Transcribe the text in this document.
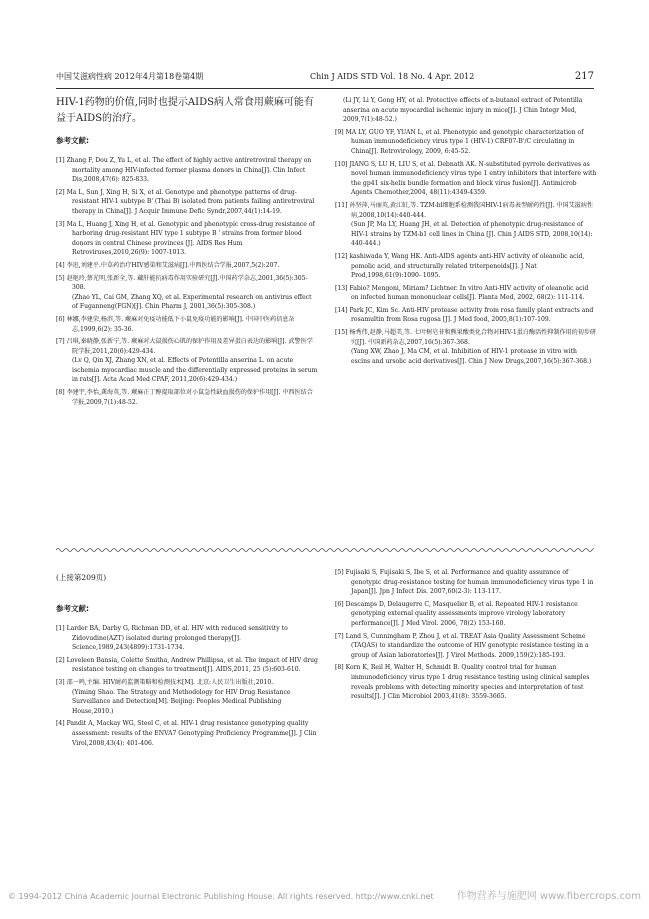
中国艾滋病性病 2012年4月第18卷第4期	Chin J AIDS STD Vol. 18 No. 4 Apr. 2012	217

HIV-1药物的价值,同时也提示AIDS病人常食用蕨麻可能有益于AIDS的治疗。

参考文献:

[1] Zhang F, Dou Z, Yu L, et al. The effect of highly active antiretroviral therapy on mortality among HIV-infected former plasma donors in China[J]. Clin Infect Dis,2008,47(6): 825-833.

[2] Ma L, Sun J, Xing H, Si X, et al. Genotype and phenotype patterns of drug-resistant HIV-1 subtype B' (Thai B) isolated from patients failing antiretroviral therapy in China[J]. J Acquir Immune Defic Syndr,2007,44(1):14-19.

[3] Ma L, Huang J, Xing H, et al. Genotypic and phenotypic cross-drug resistance of harboring drug-resistant HIV type 1 subtype B ' strains from former blood donors in central Chinese provinces [J]. AIDS Res Hum Retroviruses,2010,26(9): 1007-1013.

[4] 李迅,刘建平.中草药治疗HIV感染和艾滋病[J].中西医结合学报,2007,5(2):207.

[5] 赵艳玲,蔡光明,张新全,等. 藏肝能抗病毒作用实验研究[J].中国药学杂志,2001,36(5):305-308.
(Zhao YL, Cai GM, Zhang XQ, et al. Experimental research on antivirus effect of Fuganneng(FGN)[J]. Chin Pharm J, 2001,36(5):305-308.)

[6] 林娜,李建荣,杨滨,等. 蕨麻对免疫功能低下小鼠免疫功能的影响[J]. 中国中医药信息杂志,1999,6(2): 35-36.

[7] 吕琪,秦晓静,张新宁,等. 蕨麻对大鼠损伤心肌的保护作用及差异蛋白表达的影响[J]. 武警医学院学报,2011,20(6):429-434.
(Lv Q, Qin XJ, Zhang XN, et al. Effects of Potentilla anserina L. on acute ischemia myocardiac muscle and the differentially expressed proteins in serum in rats[J]. Acta Acad Med CPAF, 2011,20(6):429-434.)

[8] 李建宇,李怡,龚海英,等. 蕨麻正丁醇提取部位对小鼠急性缺血损伤的保护作用[J]. 中西医结合学报,2009,7(1):48-52.

(Li JY, Li Y, Gong HY, et al. Protective effects of n-butanol extract of Potentilla anserina on acute myocardial ischemic injury in mice[J]. J Chin Integr Med, 2009,7(1):48-52.)

[9] MA LY, GUO YF, YUAN L, et al. Phenotypic and genotypic characterization of human immunodeficiency virus type 1 (HIV-1) CRF07-B'/C circulating in China[J]. Retrovirology, 2009, 6:45-52.

[10] JIANG S, LU H, LIU S, et al. Debnath AK. N-substituted pyrrole derivatives as novel human immunodeficiency virus type 1 entry inhibitors that interfere with the gp41 six-helix bundle formation and block virus fusion[J]. Antimicrob Agents Chemother,2004, 48(11):4349-4359.

[11] 孙坚萍,马丽英,黄江虹,等. TZM-bl细胞系检测我国HIV-1病毒表型耐药性[J]. 中国艾滋病性病,2008,10(14):440-444.
(Sun JP, Ma LY, Huang JH, et al. Detection of phenotypic drug-resistance of HIV-1 strains by TZM-b1 cell lines in China [J]. Chin J AIDS STD, 2008,10(14): 440-444.)

[12] kashiwada Y, Wang HK. Anti-AIDS agents anti-HIV activity of oleanolic acid, pomolic acid, and structurally related triterpenoids[J]. J Nat Prod,1998,61(9):1090- 1095.

[13] Fabio? Mengoni, Miriam? Lichtner. In vitro Anti-HIV activity of oleanolic acid on infected human mononuclear cells[J]. Planta Med, 2002, 68(2): 111-114.

[14] Park JC, Kim Sc. Anti-HIV protease activity from rosa family plant extracts and rosamultin from Rosa rugosa [J]. J Med food, 2005,8(1):107-109.

[15] 杨秀伟,赵静,马超美,等. 七叶树皂苷和熊果酸类化合物对HIV-1蛋白酶活性抑制作用的初步研究[J]. 中国新药杂志,2007,16(5):367-368.
(Yang XW, Zhao J, Ma CM, et al. Inhibition of HIV-1 protease in vitro with escins and ursolic acid derivatives[J]. Chin J New Drugs,2007,16(5):367-368.)

(上接第209页)

参考文献:

[1] Larder BA, Darby G, Richman DD, et al. HIV with reduced sensitivity to Zidovudine(AZT) isolated during prolonged therapy[J]. Science,1989,243(4899):1731-1734.

[2] Loveleen Bansia, Colette Smitha, Andrew Phillipsa, et al. The impact of HIV drug resistance testing on changes to treatment[J]. AIDS,2011, 25 (5):603-610.

[3] 邵一鸣,主编. HIV耐药监测策略和检测技术[M]. 北京:人民卫生出版社,2010.
(Yiming Shao. The Strategy and Methodology for HIV Drug Resistance Surveillance and Detection[M]. Beijing: Peoples Medical Publishing House,2010.)

[4] Pandit A, Mackay WG, Steel C, et al. HIV-1 drug resistance genotyping quality assessment: results of the ENVA7 Genotyping Proficiency Programme[J]. J Clin Virol,2008,43(4): 401-406.

[5] Fujisaki S, Fujisaki S, Ibe S, et al. Performance and quality assurance of genotypic drug-resistance testing for human immunodeficiency virus type 1 in Japan[J]. Jpn J Infect Dis. 2007,60(2-3): 113-117.

[6] Descamps D, Delaugerre C, Masquelier B, et al. Repeated HIV-1 resistance genotyping external quality assessments improve virology laboratory performance[J]. J Med Virol. 2006, 78(2) 153-160.

[7] Land S, Cunningham P, Zhou J, et al. TREAT Asia Quality Assessment Scheme (TAQAS) to standardize the outcome of HIV genotypic resistance testing in a group of Asian laboratories[J]. J Virol Methods. 2009,159(2):185-193.

[8] Korn K, Reil H, Walter H, Schmidt B. Quality control trial for human immunodeficiency virus type 1 drug resistance testing using clinical samples reveals problems with detecting minority species and interpretation of test results[J]. J Clin Microbiol 2003,41(8): 3559-3665.

© 1994-2012 China Academic Journal Electronic Publishing House. All rights reserved. http://www.cnki.net 作物营养与施肥网 www.fibercrops.com
